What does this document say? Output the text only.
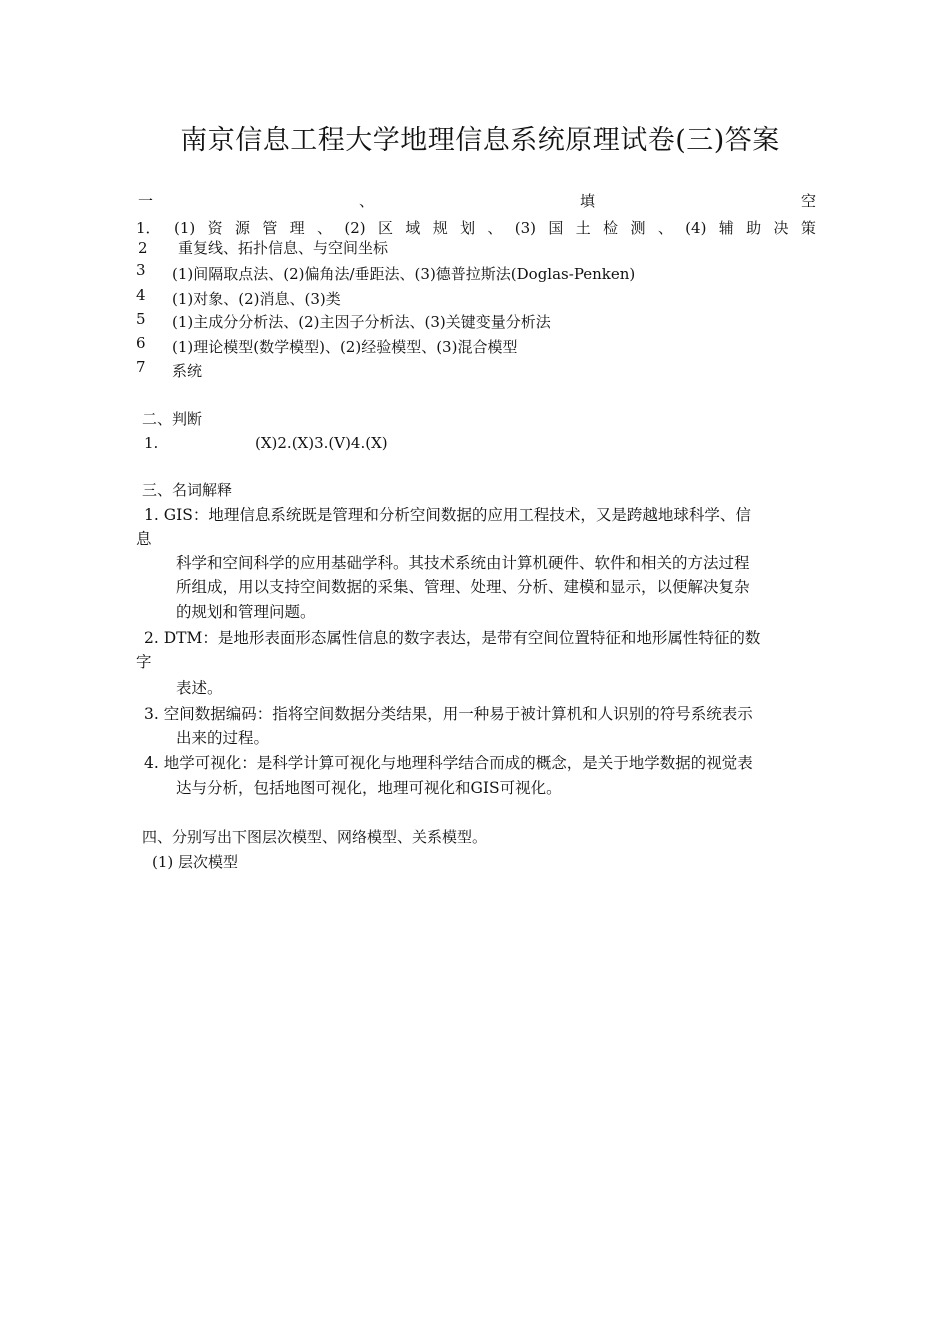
南京信息工程大学地理信息系统原理试卷(三)答案
一	、	填	空
1． (1) 资 源 管 理 、 (2) 区 域 规 划 、 (3) 国 土 检 测 、 (4) 辅 助 决 策
2 重复线、拓扑信息、与空间坐标
3 (1)间隔取点法、(2)偏角法/垂距法、(3)德普拉斯法(Doglas-Penken)
4 (1)对象、(2)消息、(3)类
5 (1)主成分分析法、(2)主因子分析法、(3)关键变量分析法
6 (1)理论模型(数学模型)、(2)经验模型、(3)混合模型
7 系统
二、判断
1.	(X)2.(X)3.(V)4.(X)
三、名词解释
1. GIS：地理信息系统既是管理和分析空间数据的应用工程技术，又是跨越地球科学、信
息
科学和空间科学的应用基础学科。其技术系统由计算机硬件、软件和相关的方法过程
所组成，用以支持空间数据的采集、管理、处理、分析、建模和显示，以便解决复杂
的规划和管理问题。
2. DTM：是地形表面形态属性信息的数字表达，是带有空间位置特征和地形属性特征的数
字
表述。
3. 空间数据编码：指将空间数据分类结果，用一种易于被计算机和人识别的符号系统表示
出来的过程。
4. 地学可视化：是科学计算可视化与地理科学结合而成的概念，是关于地学数据的视觉表
达与分析，包括地图可视化，地理可视化和GIS可视化。
四、分别写出下图层次模型、网络模型、关系模型。
(1) 层次模型
